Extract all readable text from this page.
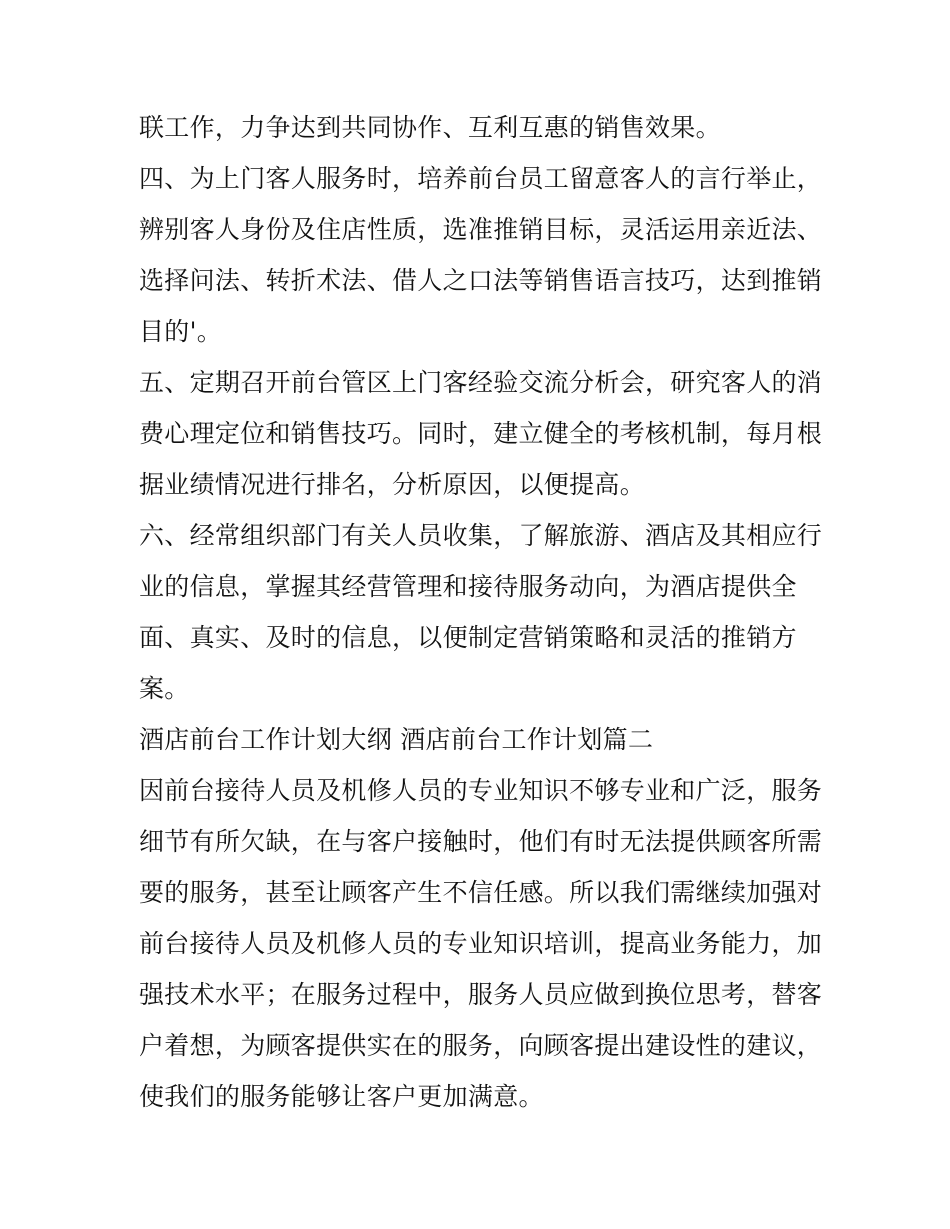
联工作，力争达到共同协作、互利互惠的销售效果。
四、为上门客人服务时，培养前台员工留意客人的言行举止，
辨别客人身份及住店性质，选准推销目标，灵活运用亲近法、
选择问法、转折术法、借人之口法等销售语言技巧，达到推销
目的'。
五、定期召开前台管区上门客经验交流分析会，研究客人的消
费心理定位和销售技巧。同时，建立健全的考核机制，每月根
据业绩情况进行排名，分析原因，以便提高。
六、经常组织部门有关人员收集，了解旅游、酒店及其相应行
业的信息，掌握其经营管理和接待服务动向，为酒店提供全
面、真实、及时的信息，以便制定营销策略和灵活的推销方
案。
酒店前台工作计划大纲 酒店前台工作计划篇二
因前台接待人员及机修人员的专业知识不够专业和广泛，服务
细节有所欠缺，在与客户接触时，他们有时无法提供顾客所需
要的服务，甚至让顾客产生不信任感。所以我们需继续加强对
前台接待人员及机修人员的专业知识培训，提高业务能力，加
强技术水平；在服务过程中，服务人员应做到换位思考，替客
户着想，为顾客提供实在的服务，向顾客提出建设性的建议，
使我们的服务能够让客户更加满意。
